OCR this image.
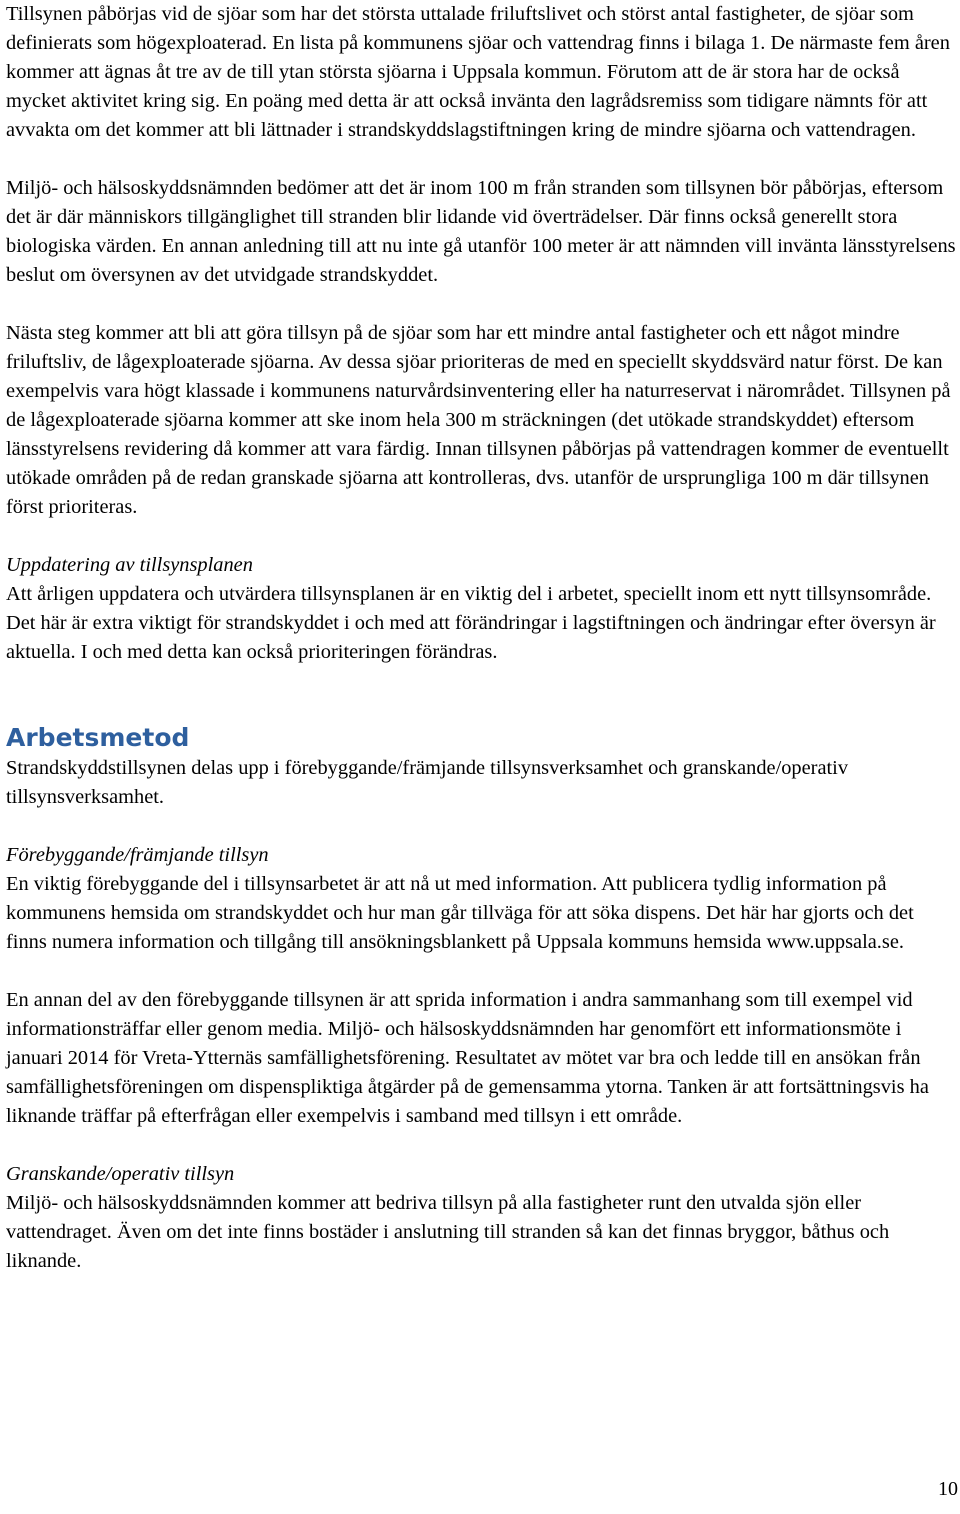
Tillsynen påbörjas vid de sjöar som har det största uttalade friluftslivet och störst antal fastigheter, de sjöar som definierats som högexploaterad. En lista på kommunens sjöar och vattendrag finns i bilaga 1. De närmaste fem åren kommer att ägnas åt tre av de till ytan största sjöarna i Uppsala kommun. Förutom att de är stora har de också mycket aktivitet kring sig. En poäng med detta är att också invänta den lagrådsremiss som tidigare nämnts för att avvakta om det kommer att bli lättnader i strandskyddslagstiftningen kring de mindre sjöarna och vattendragen.

Miljö- och hälsoskyddsnämnden bedömer att det är inom 100 m från stranden som tillsynen bör påbörjas, eftersom det är där människors tillgänglighet till stranden blir lidande vid överträdelser. Där finns också generellt stora biologiska värden. En annan anledning till att nu inte gå utanför 100 meter är att nämnden vill invänta länsstyrelsens beslut om översynen av det utvidgade strandskyddet.

Nästa steg kommer att bli att göra tillsyn på de sjöar som har ett mindre antal fastigheter och ett något mindre friluftsliv, de lågexploaterade sjöarna. Av dessa sjöar prioriteras de med en speciellt skyddsvärd natur först. De kan exempelvis vara högt klassade i kommunens naturvårdsinventering eller ha naturreservat i närområdet. Tillsynen på de lågexploaterade sjöarna kommer att ske inom hela 300 m sträckningen (det utökade strandskyddet) eftersom länsstyrelsens revidering då kommer att vara färdig. Innan tillsynen påbörjas på vattendragen kommer de eventuellt utökade områden på de redan granskade sjöarna att kontrolleras, dvs. utanför de ursprungliga 100 m där tillsynen först prioriteras.

Uppdatering av tillsynsplanen

Att årligen uppdatera och utvärdera tillsynsplanen är en viktig del i arbetet, speciellt inom ett nytt tillsynsområde. Det här är extra viktigt för strandskyddet i och med att förändringar i lagstiftningen och ändringar efter översyn är aktuella. I och med detta kan också prioriteringen förändras.

Arbetsmetod

Strandskyddstillsynen delas upp i förebyggande/främjande tillsynsverksamhet och granskande/operativ tillsynsverksamhet.

Förebyggande/främjande tillsyn

En viktig förebyggande del i tillsynsarbetet är att nå ut med information. Att publicera tydlig information på kommunens hemsida om strandskyddet och hur man går tillväga för att söka dispens. Det här har gjorts och det finns numera information och tillgång till ansökningsblankett på Uppsala kommuns hemsida www.uppsala.se.

En annan del av den förebyggande tillsynen är att sprida information i andra sammanhang som till exempel vid informationsträffar eller genom media. Miljö- och hälsoskyddsnämnden har genomfört ett informationsmöte i januari 2014 för Vreta-Ytternäs samfällighetsförening. Resultatet av mötet var bra och ledde till en ansökan från samfällighetsföreningen om dispenspliktiga åtgärder på de gemensamma ytorna. Tanken är att fortsättningsvis ha liknande träffar på efterfrågan eller exempelvis i samband med tillsyn i ett område.

Granskande/operativ tillsyn

Miljö- och hälsoskyddsnämnden kommer att bedriva tillsyn på alla fastigheter runt den utvalda sjön eller vattendraget. Även om det inte finns bostäder i anslutning till stranden så kan det finnas bryggor, båthus och liknande.

10
